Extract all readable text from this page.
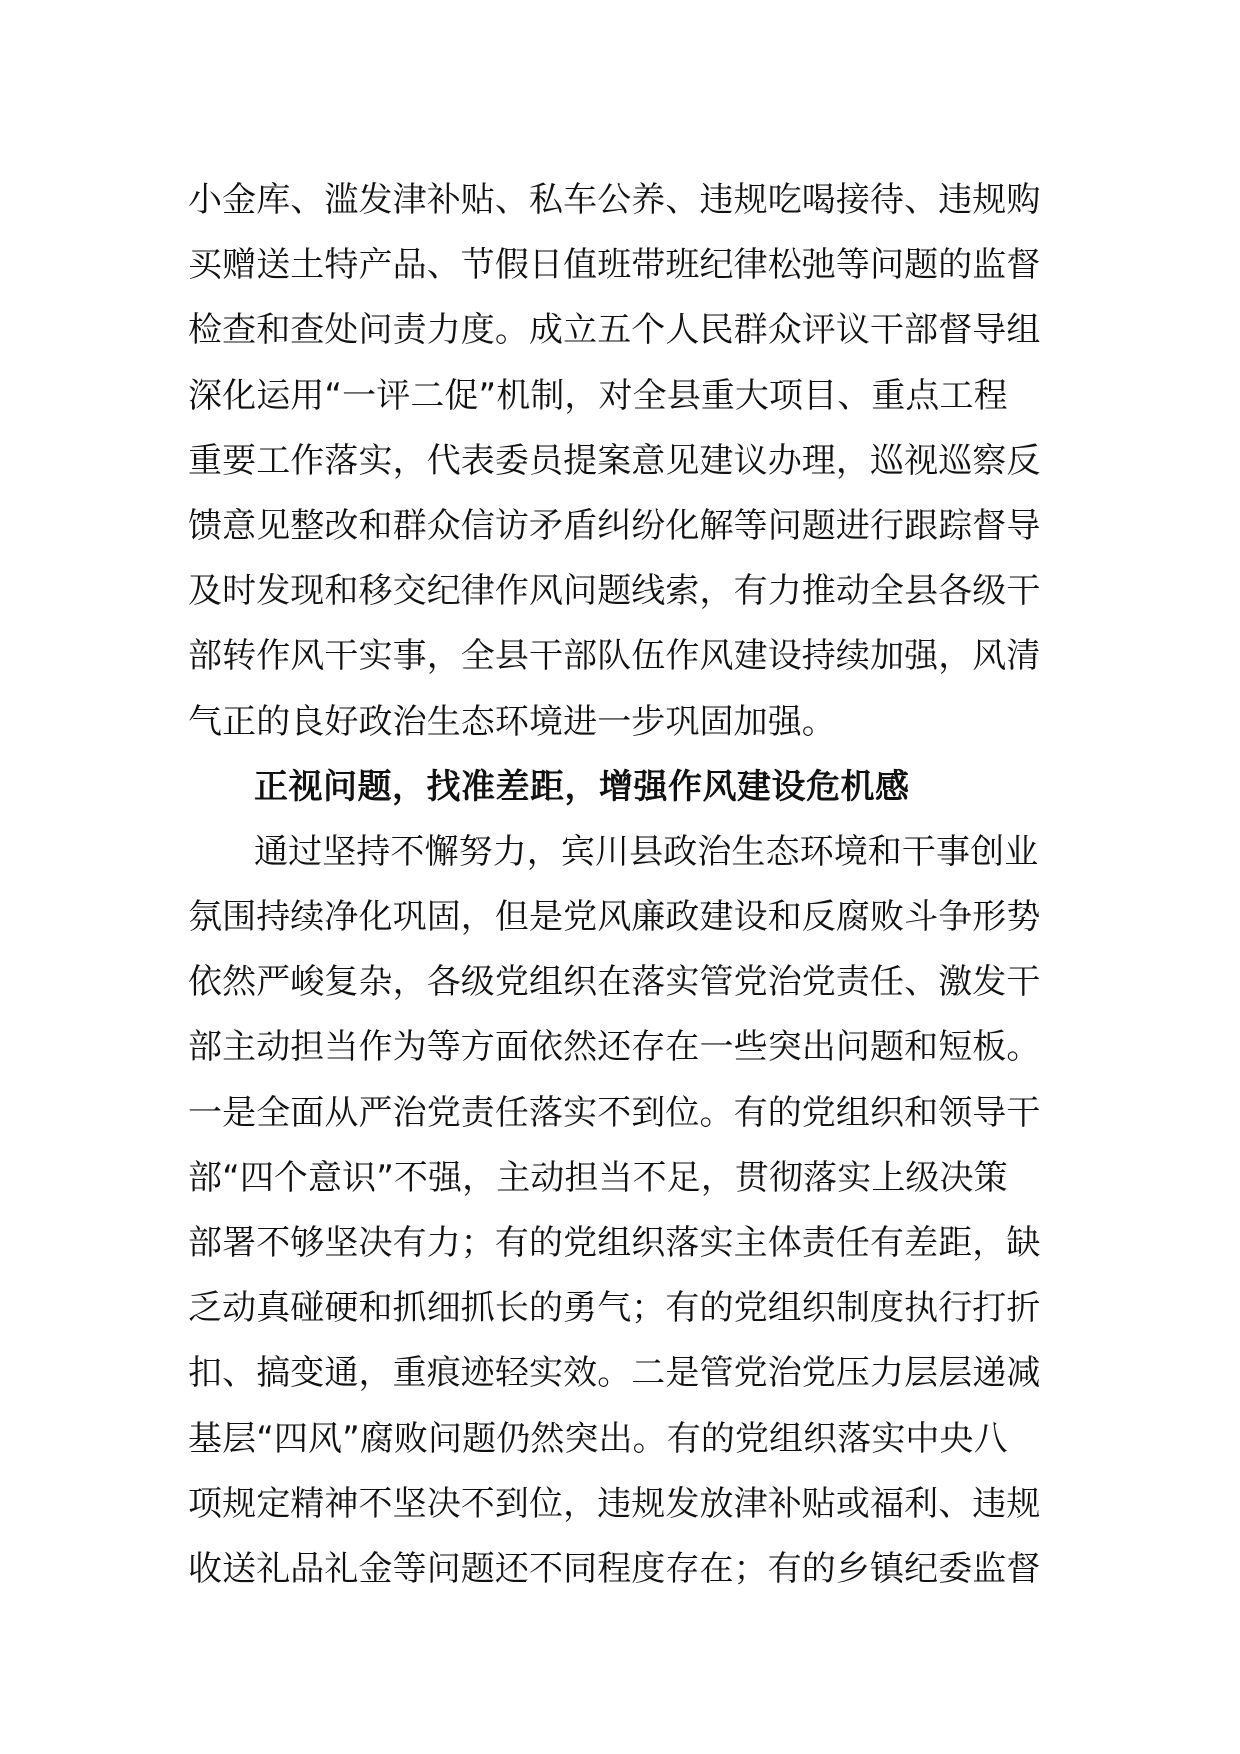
小金库、滥发津补贴、私车公养、违规吃喝接待、违规购
买赠送土特产品、节假日值班带班纪律松弛等问题的监督
检查和查处问责力度。成立五个人民群众评议干部督导组
深化运用“一评二促”机制，对全县重大项目、重点工程
重要工作落实，代表委员提案意见建议办理，巡视巡察反
馈意见整改和群众信访矛盾纠纷化解等问题进行跟踪督导
及时发现和移交纪律作风问题线索，有力推动全县各级干
部转作风干实事，全县干部队伍作风建设持续加强，风清
气正的良好政治生态环境进一步巩固加强。
正视问题，找准差距，增强作风建设危机感
通过坚持不懈努力，宾川县政治生态环境和干事创业
氛围持续净化巩固，但是党风廉政建设和反腐败斗争形势
依然严峻复杂，各级党组织在落实管党治党责任、激发干
部主动担当作为等方面依然还存在一些突出问题和短板。
一是全面从严治党责任落实不到位。有的党组织和领导干
部“四个意识”不强，主动担当不足，贯彻落实上级决策
部署不够坚决有力；有的党组织落实主体责任有差距，缺
乏动真碰硬和抓细抓长的勇气；有的党组织制度执行打折
扣、搞变通，重痕迹轻实效。二是管党治党压力层层递减
基层“四风”腐败问题仍然突出。有的党组织落实中央八
项规定精神不坚决不到位，违规发放津补贴或福利、违规
收送礼品礼金等问题还不同程度存在；有的乡镇纪委监督
